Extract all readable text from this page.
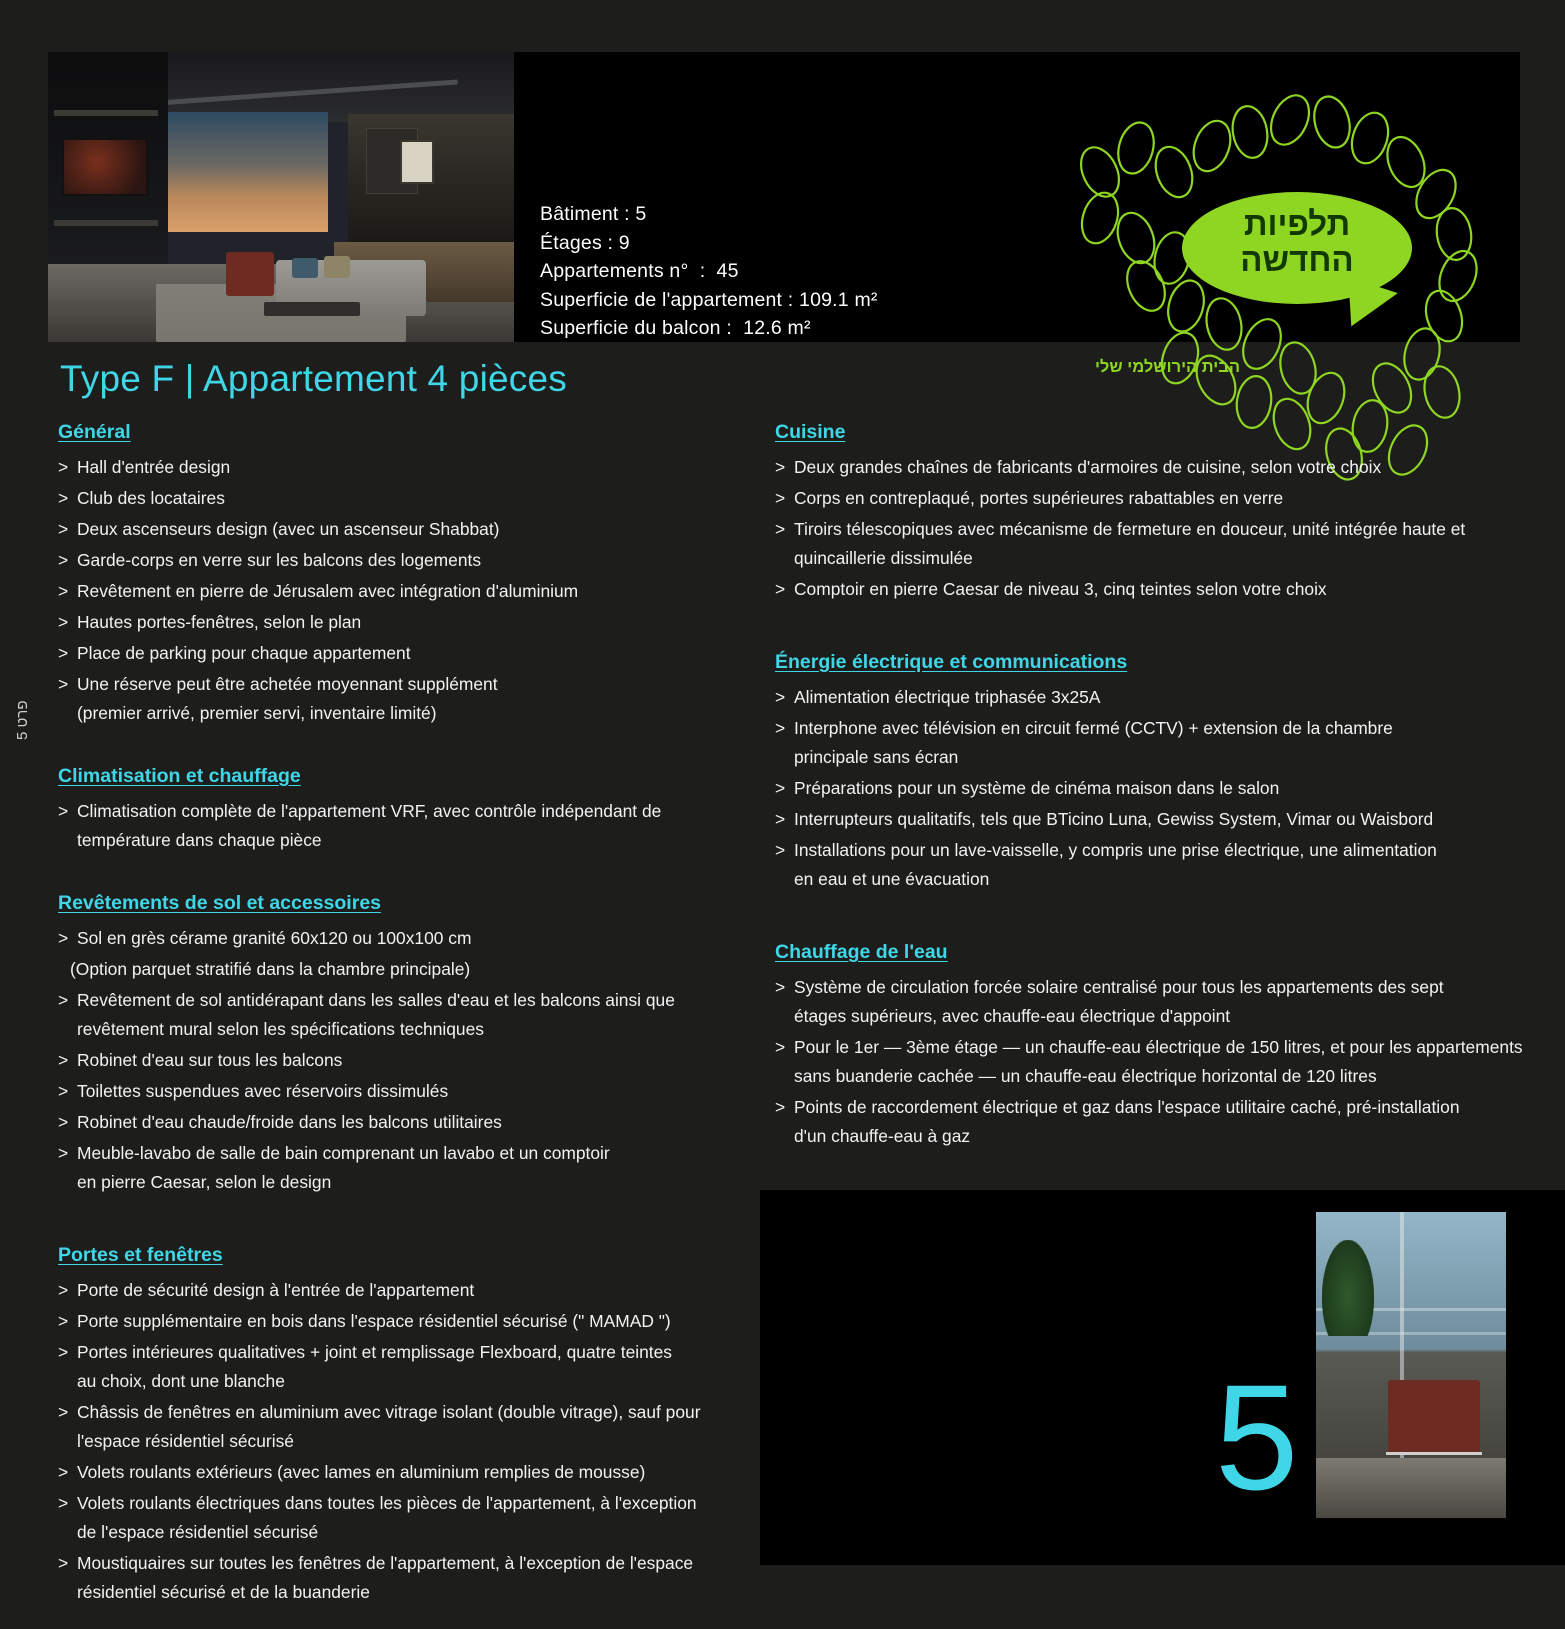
Bâtiment : 5
Étages : 9
Appartements n°  :  45
Superficie de l'appartement : 109.1 m²
Superficie du balcon :  12.6 m²
תלפיות
החדשה
הבית הירושלמי שלי
Type F | Appartement 4 pièces
פרט 5
Général
> Hall d'entrée design
> Club des locataires
> Deux ascenseurs design (avec un ascenseur Shabbat)
> Garde-corps en verre sur les balcons des logements
> Revêtement en pierre de Jérusalem avec intégration d'aluminium
> Hautes portes-fenêtres, selon le plan
> Place de parking pour chaque appartement
> Une réserve peut être achetée moyennant supplément
(premier arrivé, premier servi, inventaire limité)
Climatisation et chauffage
> Climatisation complète de l'appartement VRF, avec contrôle indépendant de
température dans chaque pièce
Revêtements de sol et accessoires
> Sol en grès cérame granité 60x120 ou 100x100 cm
(Option parquet stratifié dans la chambre principale)
> Revêtement de sol antidérapant dans les salles d'eau et les balcons ainsi que
revêtement mural selon les spécifications techniques
> Robinet d'eau sur tous les balcons
> Toilettes suspendues avec réservoirs dissimulés
> Robinet d'eau chaude/froide dans les balcons utilitaires
> Meuble-lavabo de salle de bain comprenant un lavabo et un comptoir
en pierre Caesar, selon le design
Portes et fenêtres
> Porte de sécurité design à l'entrée de l'appartement
> Porte supplémentaire en bois dans l'espace résidentiel sécurisé (" MAMAD ")
> Portes intérieures qualitatives + joint et remplissage Flexboard, quatre teintes
au choix, dont une blanche
> Châssis de fenêtres en aluminium avec vitrage isolant (double vitrage), sauf pour
l'espace résidentiel sécurisé
> Volets roulants extérieurs (avec lames en aluminium remplies de mousse)
> Volets roulants électriques dans toutes les pièces de l'appartement, à l'exception
de l'espace résidentiel sécurisé
> Moustiquaires sur toutes les fenêtres de l'appartement, à l'exception de l'espace
résidentiel sécurisé et de la buanderie
Cuisine
> Deux grandes chaînes de fabricants d'armoires de cuisine, selon votre choix
> Corps en contreplaqué, portes supérieures rabattables en verre
> Tiroirs télescopiques avec mécanisme de fermeture en douceur, unité intégrée haute et
quincaillerie dissimulée
> Comptoir en pierre Caesar de niveau 3, cinq teintes selon votre choix
Énergie électrique et communications
> Alimentation électrique triphasée 3x25A
> Interphone avec télévision en circuit fermé (CCTV) + extension de la chambre
principale sans écran
> Préparations pour un système de cinéma maison dans le salon
> Interrupteurs qualitatifs, tels que BTicino Luna, Gewiss System, Vimar ou Waisbord
> Installations pour un lave-vaisselle, y compris une prise électrique, une alimentation
en eau et une évacuation
Chauffage de l'eau
> Système de circulation forcée solaire centralisé pour tous les appartements des sept
étages supérieurs, avec chauffe-eau électrique d'appoint
> Pour le 1er — 3ème étage — un chauffe-eau électrique de 150 litres, et pour les appartements
sans buanderie cachée — un chauffe-eau électrique horizontal de 120 litres
> Points de raccordement électrique et gaz dans l'espace utilitaire caché, pré-installation
d'un chauffe-eau à gaz
5
